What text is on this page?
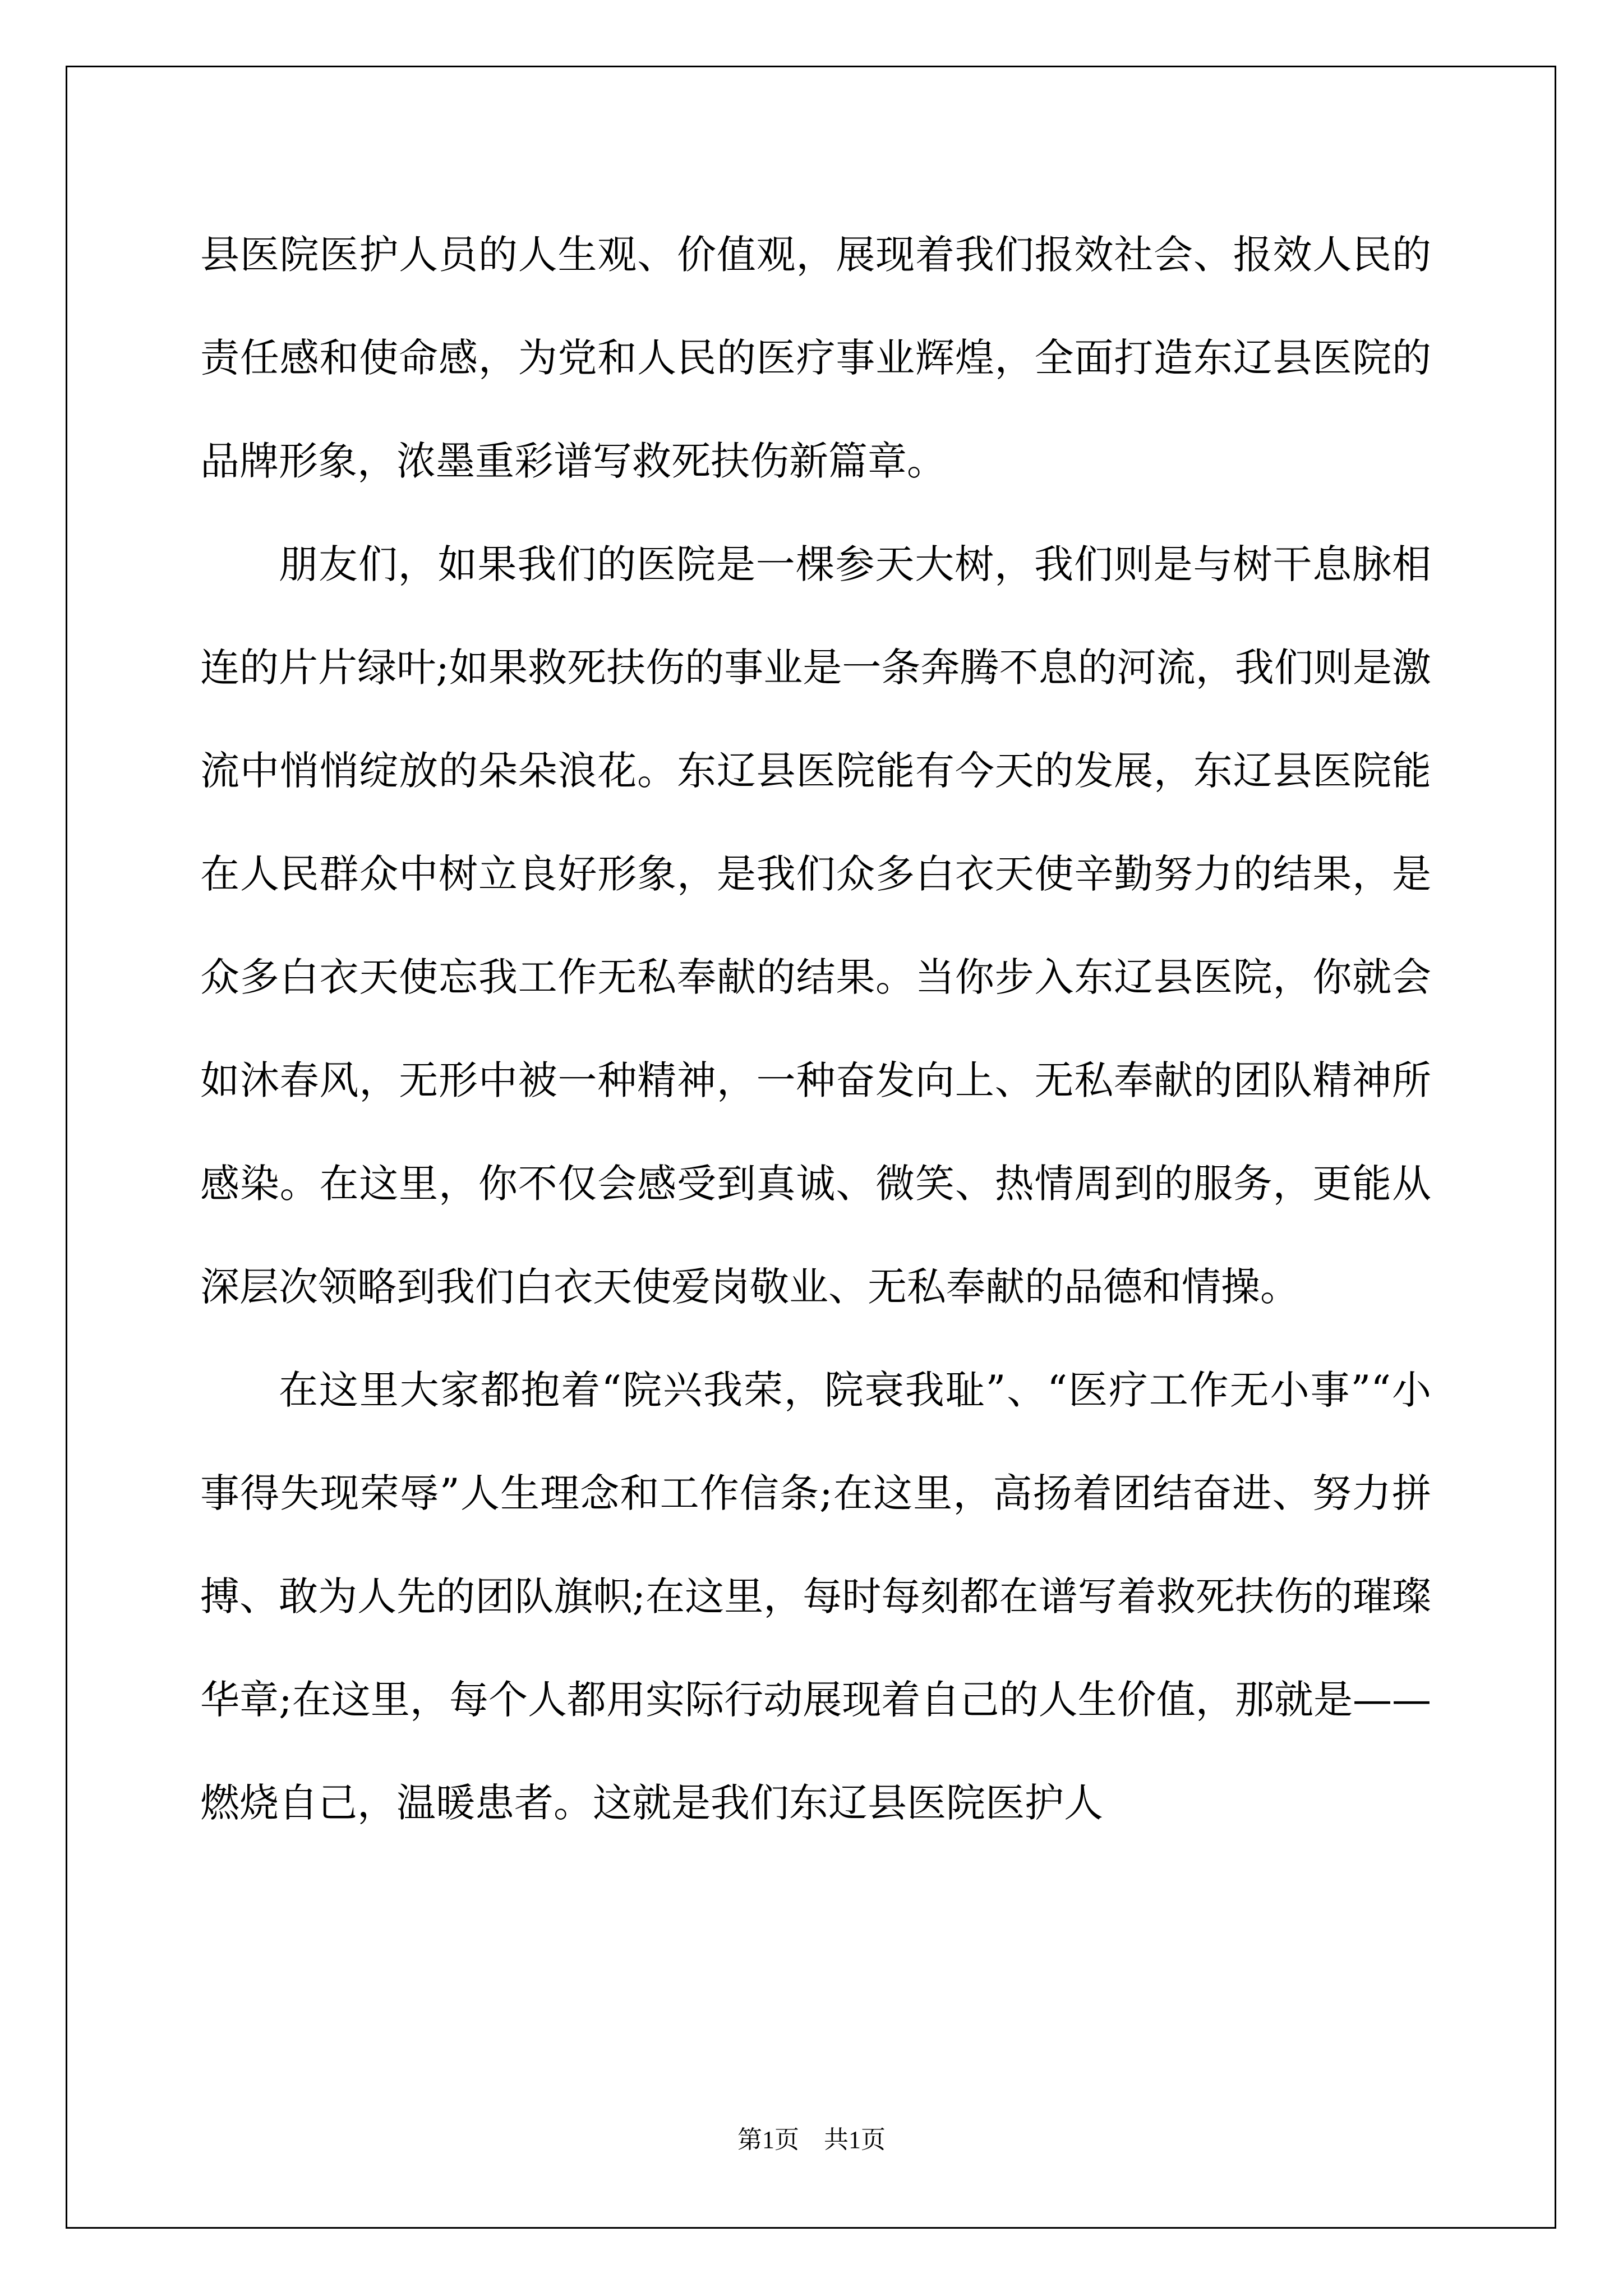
县医院医护人员的人生观、价值观，展现着我们报效社会、报效人民的责任感和使命感，为党和人民的医疗事业辉煌，全面打造东辽县医院的品牌形象，浓墨重彩谱写救死扶伤新篇章。

朋友们，如果我们的医院是一棵参天大树，我们则是与树干息脉相连的片片绿叶;如果救死扶伤的事业是一条奔腾不息的河流，我们则是激流中悄悄绽放的朵朵浪花。东辽县医院能有今天的发展，东辽县医院能在人民群众中树立良好形象，是我们众多白衣天使辛勤努力的结果，是众多白衣天使忘我工作无私奉献的结果。当你步入东辽县医院，你就会如沐春风，无形中被一种精神，一种奋发向上、无私奉献的团队精神所感染。在这里，你不仅会感受到真诚、微笑、热情周到的服务，更能从深层次领略到我们白衣天使爱岗敬业、无私奉献的品德和情操。

在这里大家都抱着“院兴我荣，院衰我耻”、“医疗工作无小事”“小事得失现荣辱”人生理念和工作信条;在这里，高扬着团结奋进、努力拼搏、敢为人先的团队旗帜;在这里，每时每刻都在谱写着救死扶伤的璀璨华章;在这里，每个人都用实际行动展现着自己的人生价值，那就是——燃烧自己，温暖患者。这就是我们东辽县医院医护人

第1页　共1页
